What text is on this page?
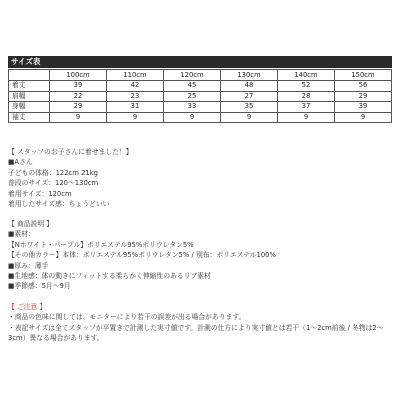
サイズ表
	100cm	110cm	120cm	130cm	140cm	150cm
着丈	39	42	45	48	52	56
肩幅	22	23	25	27	28	29
身幅	29	31	33	35	37	39
袖丈	9	9	9	9	9	9
【 スタッフのお子さんに着せました！】
■Aさん
子どもの体格：122cm 21kg
普段のサイズ：120〜130cm
着用サイズ：120cm
着用したサイズ感：ちょうどいい
【 商品説明 】
■素材：
【Nホワイト・パープル】ポリエステル95%ポリウレタン5%
【その他カラー】本体：ポリエステル95%ポリウレタン5% / 別布：ポリエステル100%
■厚み：薄手
■生地感：体の動きにフィットする柔らかく伸縮性のあるリブ素材
■季節感：5月〜9月
【 ご注意 】
・商品の色味に関しては、モニターにより若干の誤差が出る場合があります。
・表記サイズは全てスタッフが平置きで計測した実寸値です。計測の仕方により実寸値とは若干（1〜2cm前後 / 冬物は2〜3cm）異なる場合があります。
